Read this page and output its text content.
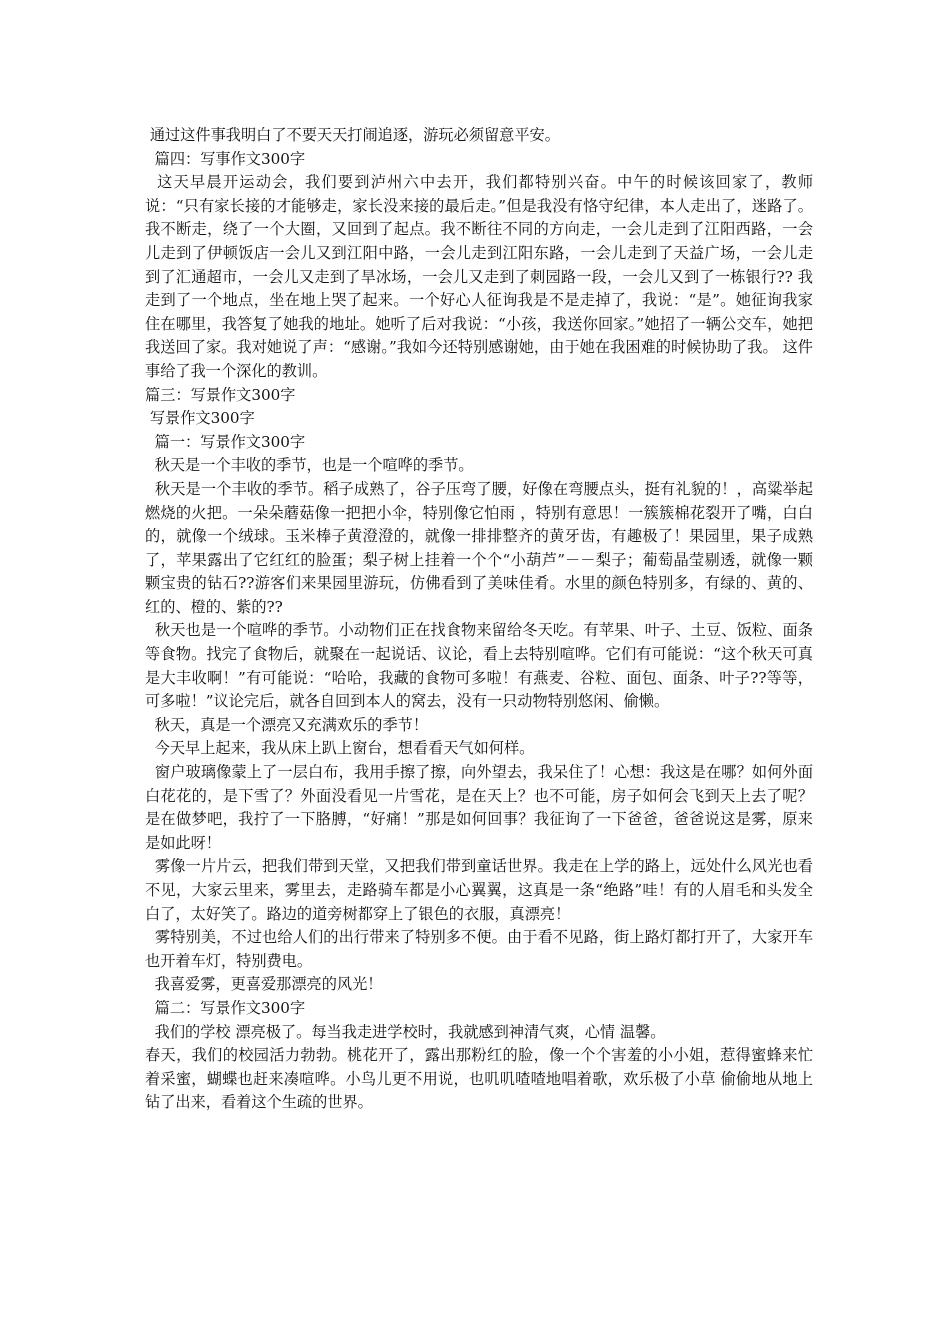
通过这件事我明白了不要天天打闹追逐，游玩必须留意平安。

篇四：写事作文300字

这天早晨开运动会，我们要到泸州六中去开，我们都特别兴奋。中午的时候该回家了，教师说：“只有家长接的才能够走，家长没来接的最后走。”但是我没有恪守纪律，本人走出了，迷路了。我不断走，绕了一个大圈，又回到了起点。我不断往不同的方向走，一会儿走到了江阳西路，一会儿走到了伊顿饭店一会儿又到江阳中路，一会儿走到江阳东路，一会儿走到了天益广场，一会儿走到了汇通超市，一会儿又走到了旱冰场，一会儿又走到了刺园路一段，一会儿又到了一栋银行?? 我走到了一个地点，坐在地上哭了起来。一个好心人征询我是不是走掉了，我说：“是”。她征询我家住在哪里，我答复了她我的地址。她听了后对我说：“小孩，我送你回家。”她招了一辆公交车，她把我送回了家。我对她说了声：“感谢。”我如今还特别感谢她，由于她在我困难的时候协助了我。 这件事给了我一个深化的教训。

篇三：写景作文300字

写景作文300字

篇一：写景作文300字

秋天是一个丰收的季节，也是一个喧哗的季节。

秋天是一个丰收的季节。稻子成熟了，谷子压弯了腰，好像在弯腰点头，挺有礼貌的！，高粱举起燃烧的火把。一朵朵蘑菇像一把把小伞，特别像它怕雨 ，特别有意思！一簇簇棉花裂开了嘴，白白的，就像一个绒球。玉米棒子黄澄澄的，就像一排排整齐的黄牙齿，有趣极了！果园里，果子成熟了，苹果露出了它红红的脸蛋；梨子树上挂着一个个“小葫芦”－－梨子；葡萄晶莹剔透，就像一颗颗宝贵的钻石??游客们来果园里游玩，仿佛看到了美味佳肴。水里的颜色特别多，有绿的、黄的、红的、橙的、紫的??

秋天也是一个喧哗的季节。小动物们正在找食物来留给冬天吃。有苹果、叶子、土豆、饭粒、面条等食物。找完了食物后，就聚在一起说话、议论，看上去特别喧哗。它们有可能说：“这个秋天可真是大丰收啊！”有可能说：“哈哈，我藏的食物可多啦！有燕麦、谷粒、面包、面条、叶子??等等，可多啦！”议论完后，就各自回到本人的窝去，没有一只动物特别悠闲、偷懒。

秋天，真是一个漂亮又充满欢乐的季节！

今天早上起来，我从床上趴上窗台，想看看天气如何样。

窗户玻璃像蒙上了一层白布，我用手擦了擦，向外望去，我呆住了！心想：我这是在哪？如何外面白花花的，是下雪了？外面没看见一片雪花，是在天上？也不可能，房子如何会飞到天上去了呢？是在做梦吧，我拧了一下胳膊，“好痛！”那是如何回事？我征询了一下爸爸，爸爸说这是雾，原来是如此呀！

雾像一片片云，把我们带到天堂，又把我们带到童话世界。我走在上学的路上，远处什么风光也看不见，大家云里来，雾里去，走路骑车都是小心翼翼，这真是一条“绝路”哇！有的人眉毛和头发全白了，太好笑了。路边的道旁树都穿上了银色的衣服，真漂亮！

雾特别美，不过也给人们的出行带来了特别多不便。由于看不见路，街上路灯都打开了，大家开车也开着车灯，特别费电。

我喜爱雾，更喜爱那漂亮的风光！

篇二：写景作文300字

我们的学校 漂亮极了。每当我走进学校时，我就感到神清气爽，心情 温馨。

春天，我们的校园活力勃勃。桃花开了，露出那粉红的脸，像一个个害羞的小小姐，惹得蜜蜂来忙着采蜜，蝴蝶也赶来凑喧哗。小鸟儿更不用说，也叽叽喳喳地唱着歌，欢乐极了小草 偷偷地从地上钻了出来，看着这个生疏的世界。
